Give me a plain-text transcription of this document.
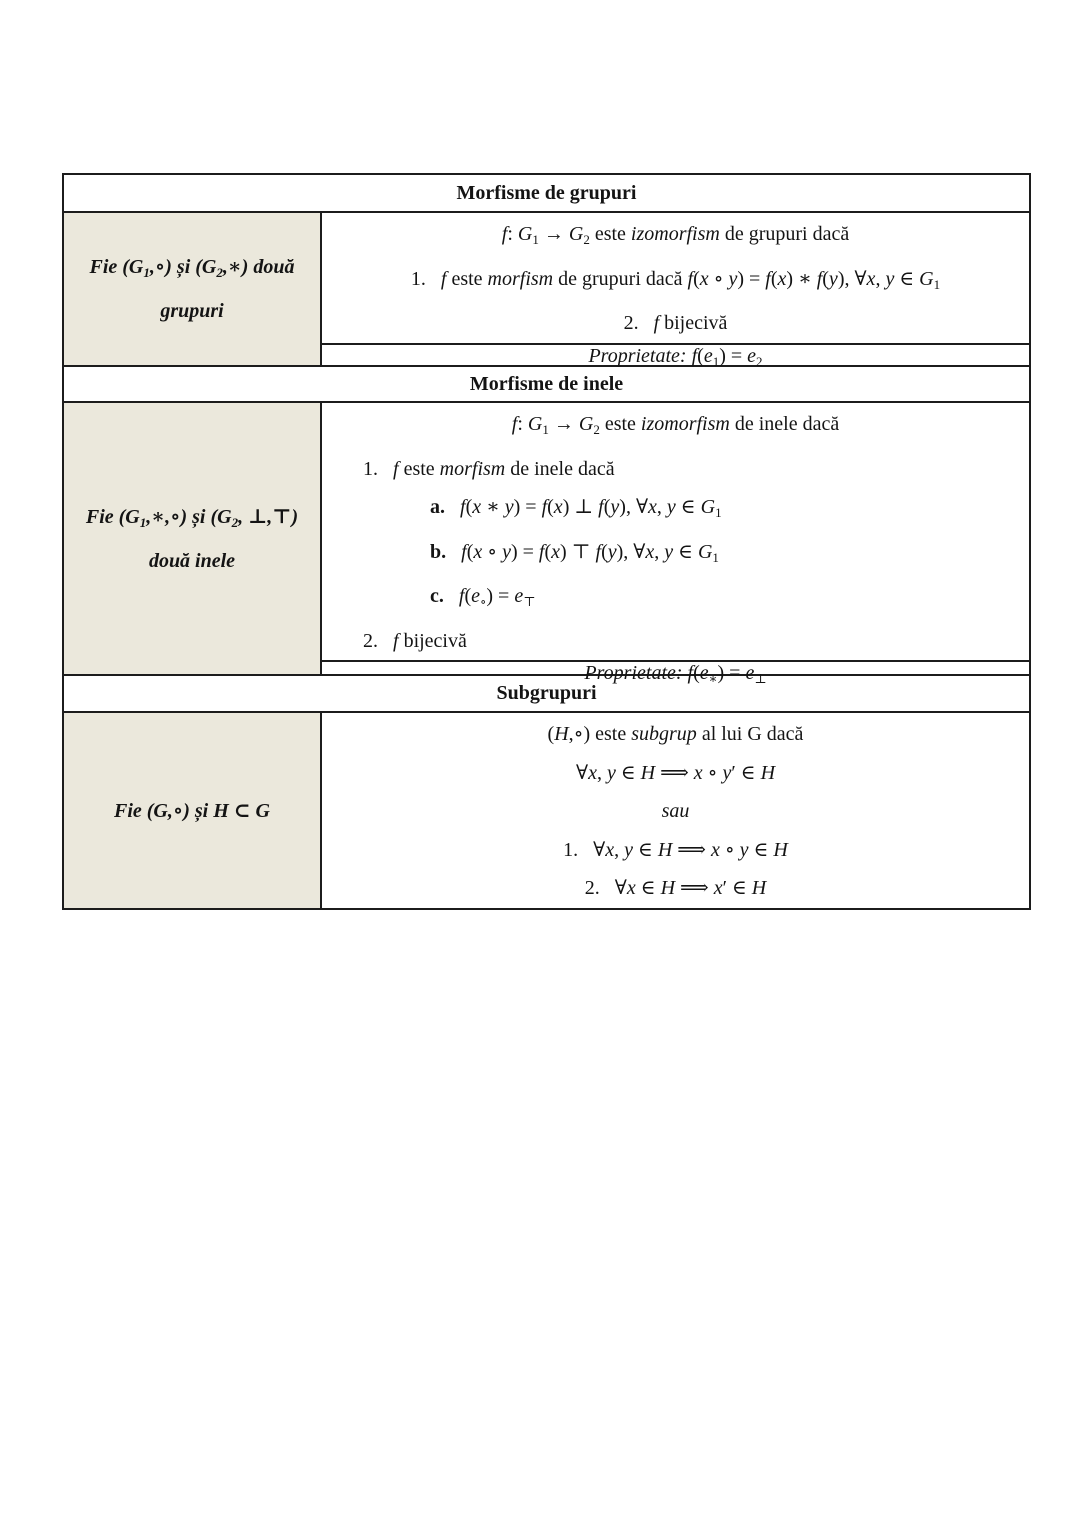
Morfisme de grupuri
Fie $(G_1,\circ)$ și $(G_2,∗)$ două
grupuri
f: $G_1 \to G_2$ este izomorfism de grupuri dacă
1.   f este morfism de grupuri dacă f(x ∘ y) = f(x) ∗ f(y), ∀x, y ∈ $G_1$
2.   f bijecivă
Proprietate: $f(e_1) = e_2$
Morfisme de inele
Fie $(G_1,∗,\circ)$ și ($G_2$, ⊥,⊤)
două inele
f: $G_1 \to G_2$ este izomorfism de inele dacă
1.   f este morfism de inele dacă
a. f(x ∗ y) = f(x) ⊥ f(y), ∀x, y ∈ $G_1$
b. f(x ∘ y) = f(x) ⊤ f(y), ∀x, y ∈ $G_1$
c. $f(e_\circ) = e_⊤$
2.   f bijecivă
Proprietate: $f(e_∗) = e_\perp$
Subgrupuri
Fie (G,∘) și H ⊂ G
(H,∘) este subgrup al lui G dacă
∀x, y ∈ H ⟹ x ∘ y′ ∈ H
sau
1.   ∀x, y ∈ H ⟹ x ∘ y ∈ H
2.   ∀x ∈ H ⟹ x′ ∈ H
